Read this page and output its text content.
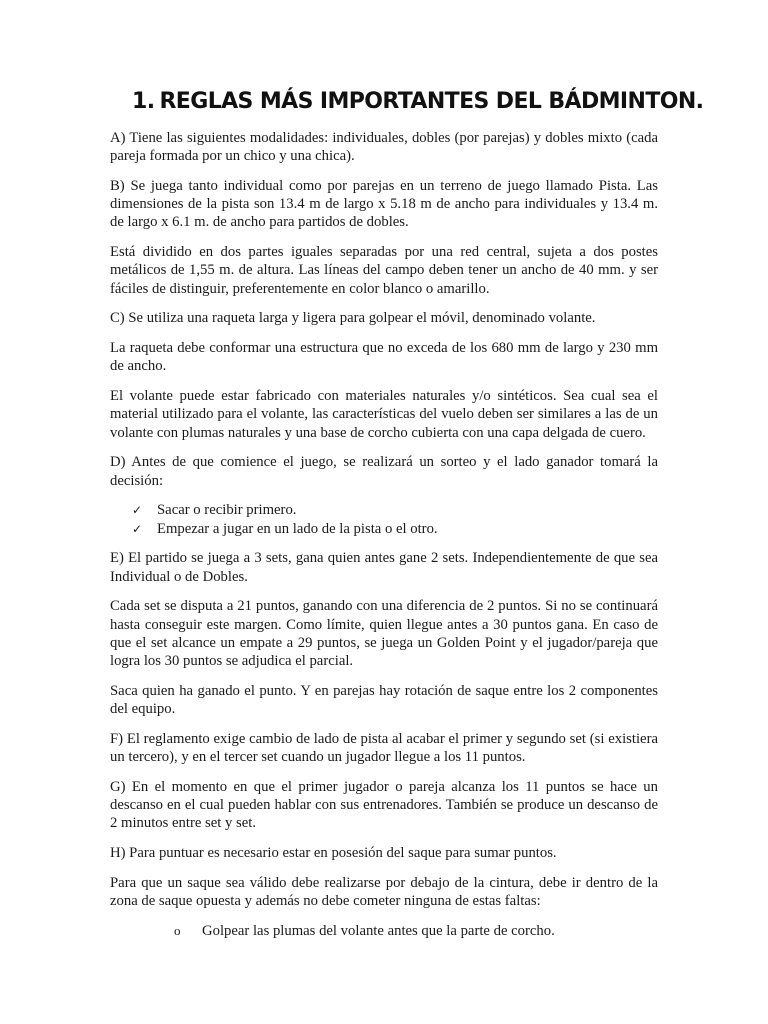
1. REGLAS MÁS IMPORTANTES DEL BÁDMINTON.

A) Tiene las siguientes modalidades: individuales, dobles (por parejas) y dobles mixto (cada pareja formada por un chico y una chica).

B) Se juega tanto individual como por parejas en un terreno de juego llamado Pista. Las dimensiones de la pista son 13.4 m de largo x 5.18 m de ancho para individuales y 13.4 m. de largo x 6.1 m. de ancho para partidos de dobles.

Está dividido en dos partes iguales separadas por una red central, sujeta a dos postes metálicos de 1,55 m. de altura. Las líneas del campo deben tener un ancho de 40 mm. y ser fáciles de distinguir, preferentemente en color blanco o amarillo.

C) Se utiliza una raqueta larga y ligera para golpear el móvil, denominado volante.

La raqueta debe conformar una estructura que no exceda de los 680 mm de largo y 230 mm de ancho.

El volante puede estar fabricado con materiales naturales y/o sintéticos. Sea cual sea el material utilizado para el volante, las características del vuelo deben ser similares a las de un volante con plumas naturales y una base de corcho cubierta con una capa delgada de cuero.

D) Antes de que comience el juego, se realizará un sorteo y el lado ganador tomará la decisión:

✓	Sacar o recibir primero.
✓	Empezar a jugar en un lado de la pista o el otro.

E) El partido se juega a 3 sets, gana quien antes gane 2 sets. Independientemente de que sea Individual o de Dobles.

Cada set se disputa a 21 puntos, ganando con una diferencia de 2 puntos. Si no se continuará hasta conseguir este margen. Como límite, quien llegue antes a 30 puntos gana. En caso de que el set alcance un empate a 29 puntos, se juega un Golden Point y el jugador/pareja que logra los 30 puntos se adjudica el parcial.

Saca quien ha ganado el punto. Y en parejas hay rotación de saque entre los 2 componentes del equipo.

F) El reglamento exige cambio de lado de pista al acabar el primer y segundo set (si existiera un tercero), y en el tercer set cuando un jugador llegue a los 11 puntos.

G) En el momento en que el primer jugador o pareja alcanza los 11 puntos se hace un descanso en el cual pueden hablar con sus entrenadores. También se produce un descanso de 2 minutos entre set y set.

H) Para puntuar es necesario estar en posesión del saque para sumar puntos.

Para que un saque sea válido debe realizarse por debajo de la cintura, debe ir dentro de la zona de saque opuesta y además no debe cometer ninguna de estas faltas:

o Golpear las plumas del volante antes que la parte de corcho.
